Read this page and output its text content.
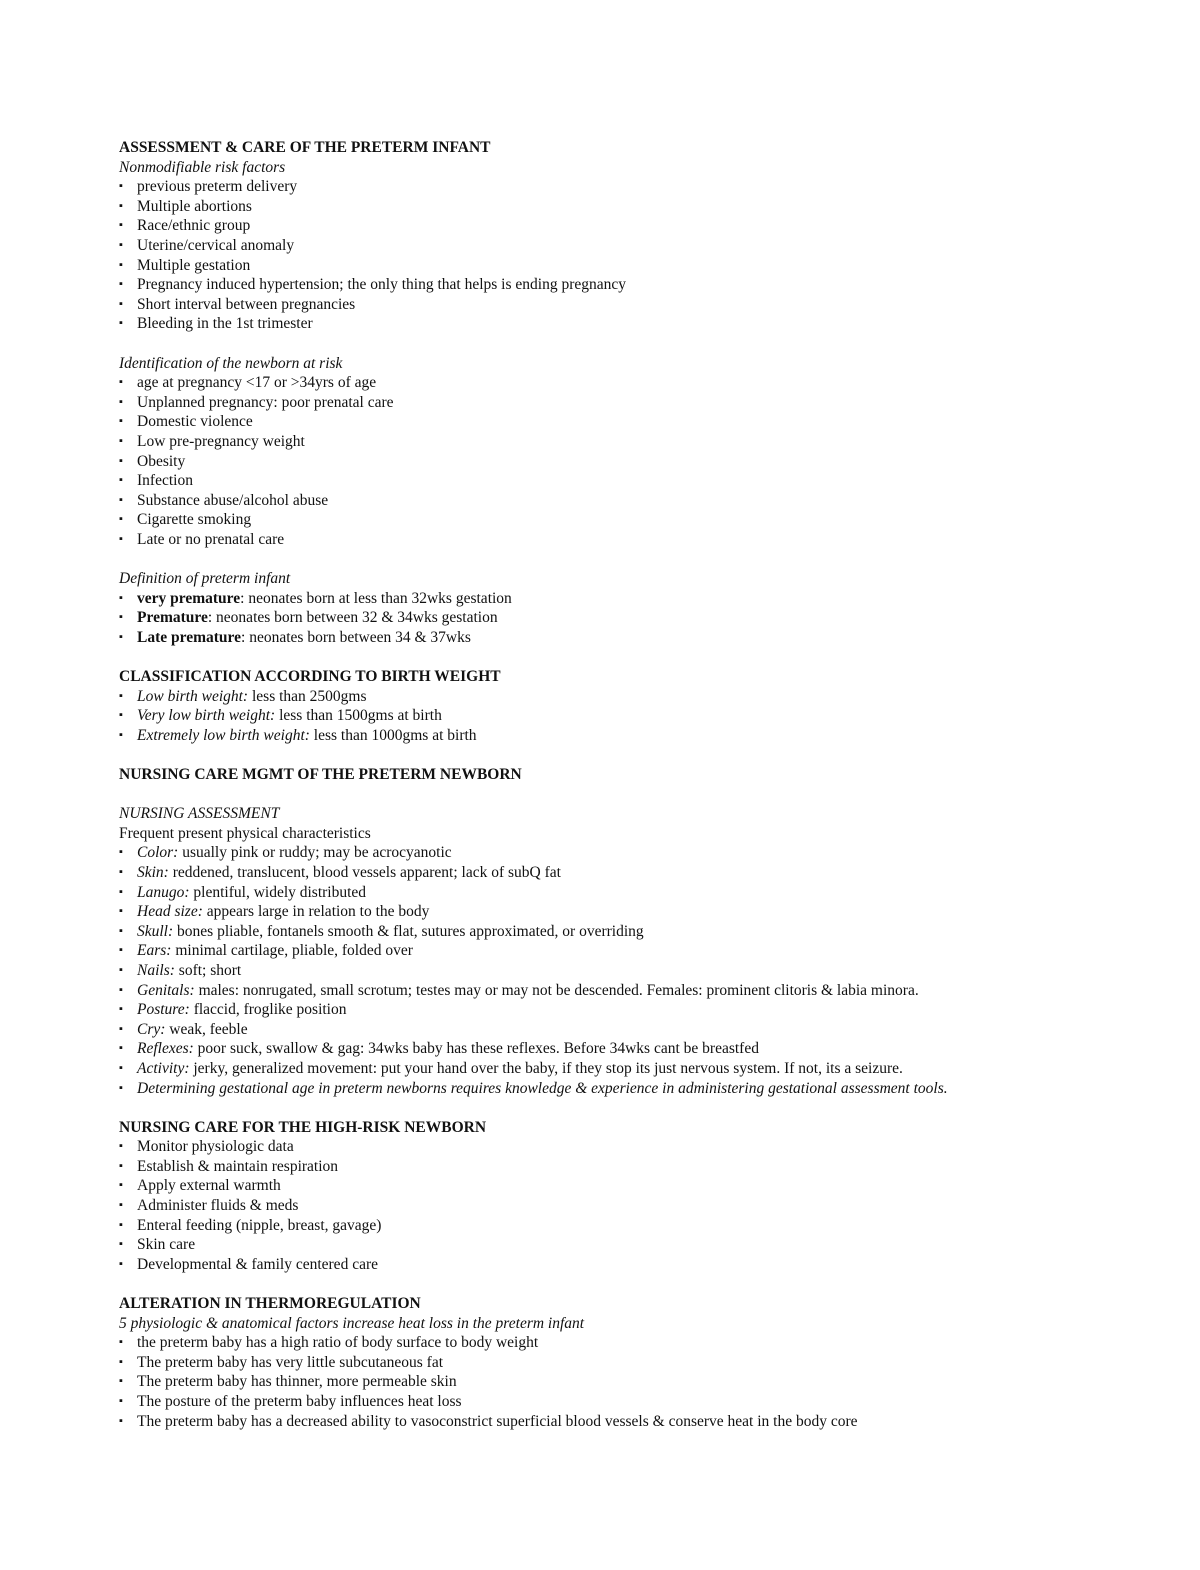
ASSESSMENT & CARE OF THE PRETERM INFANT

Nonmodifiable risk factors

▪ previous preterm delivery
▪ Multiple abortions
▪ Race/ethnic group
▪ Uterine/cervical anomaly
▪ Multiple gestation
▪ Pregnancy induced hypertension; the only thing that helps is ending pregnancy
▪ Short interval between pregnancies
▪ Bleeding in the 1st trimester

Identification of the newborn at risk

▪ age at pregnancy <17 or >34yrs of age
▪ Unplanned pregnancy: poor prenatal care
▪ Domestic violence
▪ Low pre-pregnancy weight
▪ Obesity
▪ Infection
▪ Substance abuse/alcohol abuse
▪ Cigarette smoking
▪ Late or no prenatal care

Definition of preterm infant

▪ very premature: neonates born at less than 32wks gestation
▪ Premature: neonates born between 32 & 34wks gestation
▪ Late premature: neonates born between 34 & 37wks

CLASSIFICATION ACCORDING TO BIRTH WEIGHT

▪ Low birth weight: less than 2500gms
▪ Very low birth weight: less than 1500gms at birth
▪ Extremely low birth weight: less than 1000gms at birth

NURSING CARE MGMT OF THE PRETERM NEWBORN

NURSING ASSESSMENT

Frequent present physical characteristics

▪ Color: usually pink or ruddy; may be acrocyanotic
▪ Skin: reddened, translucent, blood vessels apparent; lack of subQ fat
▪ Lanugo: plentiful, widely distributed
▪ Head size: appears large in relation to the body
▪ Skull: bones pliable, fontanels smooth & flat, sutures approximated, or overriding
▪ Ears: minimal cartilage, pliable, folded over
▪ Nails: soft; short
▪ Genitals: males: nonrugated, small scrotum; testes may or may not be descended. Females: prominent clitoris & labia minora.
▪ Posture: flaccid, froglike position
▪ Cry: weak, feeble
▪ Reflexes: poor suck, swallow & gag: 34wks baby has these reflexes. Before 34wks cant be breastfed
▪ Activity: jerky, generalized movement: put your hand over the baby, if they stop its just nervous system. If not, its a seizure.
▪ Determining gestational age in preterm newborns requires knowledge & experience in administering gestational assessment tools.

NURSING CARE FOR THE HIGH-RISK NEWBORN

▪ Monitor physiologic data
▪ Establish & maintain respiration
▪ Apply external warmth
▪ Administer fluids & meds
▪ Enteral feeding (nipple, breast, gavage)
▪ Skin care
▪ Developmental & family centered care

ALTERATION IN THERMOREGULATION

5 physiologic & anatomical factors increase heat loss in the preterm infant

▪ the preterm baby has a high ratio of body surface to body weight
▪ The preterm baby has very little subcutaneous fat
▪ The preterm baby has thinner, more permeable skin
▪ The posture of the preterm baby influences heat loss
▪ The preterm baby has a decreased ability to vasoconstrict superficial blood vessels & conserve heat in the body core
